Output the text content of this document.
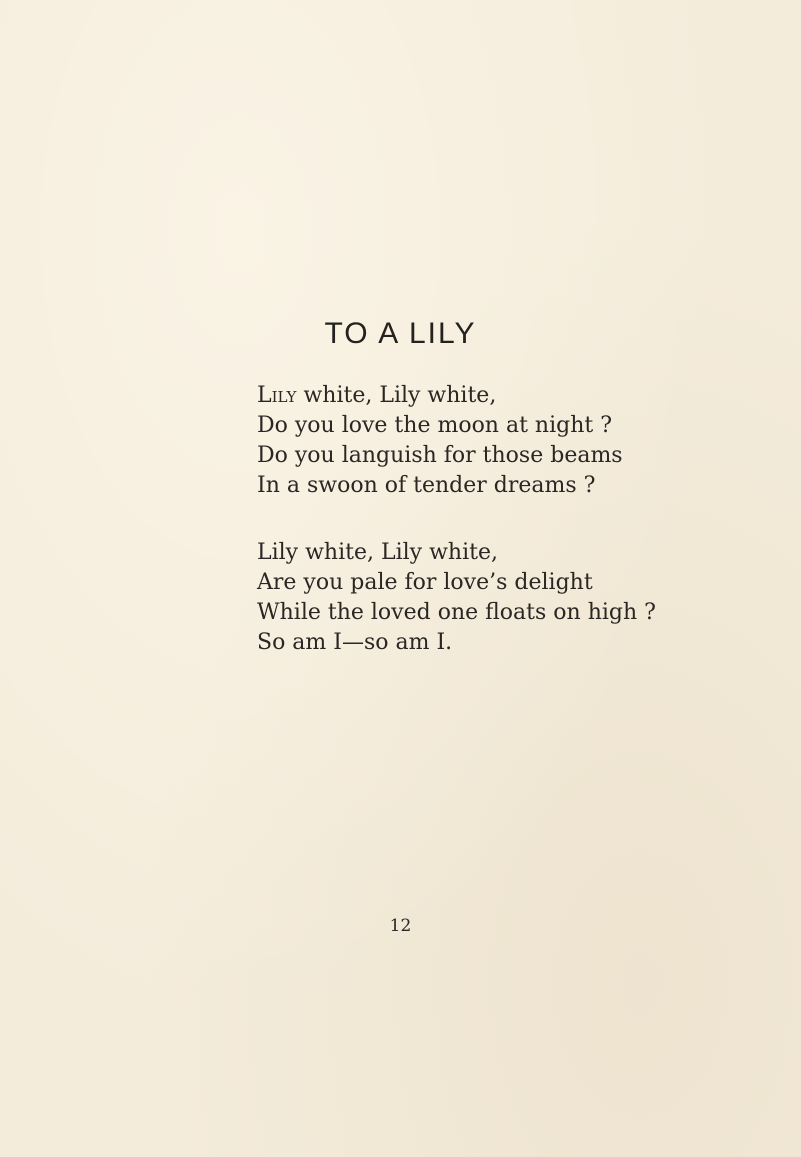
TO A LILY
Lily white, Lily white,
Do you love the moon at night ?
Do you languish for those beams
In a swoon of tender dreams ?
Lily white, Lily white,
Are you pale for love’s delight
While the loved one floats on high ?
So am I—so am I.
12
